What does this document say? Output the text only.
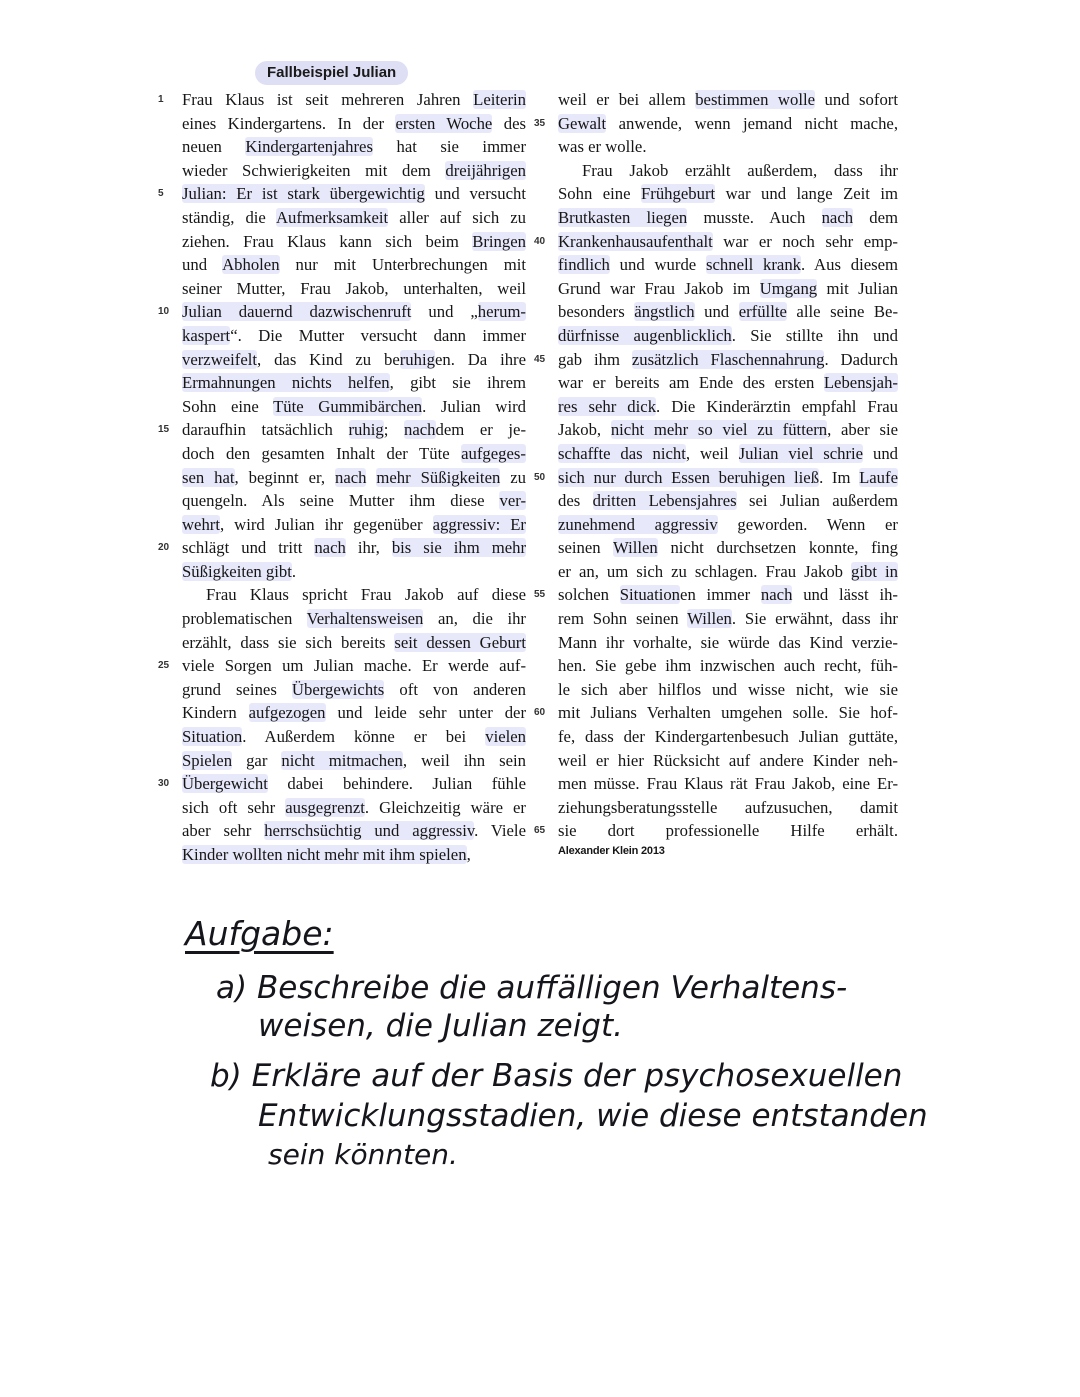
Fallbeispiel Julian
1	Frau Klaus ist seit mehreren Jahren Leiterin
eines Kindergartens. In der ersten Woche des
neuen Kindergartenjahres hat sie immer
wieder Schwierigkeiten mit dem dreijährigen
5	Julian: Er ist stark übergewichtig und versucht
ständig, die Aufmerksamkeit aller auf sich zu
ziehen. Frau Klaus kann sich beim Bringen
und Abholen nur mit Unterbrechungen mit
seiner Mutter, Frau Jakob, unterhalten, weil
10 Julian dauernd dazwischenruft und „herum-
kaspert“. Die Mutter versucht dann immer
verzweifelt, das Kind zu beruhigen. Da ihre
Ermahnungen nichts helfen, gibt sie ihrem
Sohn eine Tüte Gummibärchen. Julian wird
15 daraufhin tatsächlich ruhig; nachdem er je-
doch den gesamten Inhalt der Tüte aufgeges-
sen hat, beginnt er, nach mehr Süßigkeiten zu
quengeln. Als seine Mutter ihm diese ver-
wehrt, wird Julian ihr gegenüber aggressiv: Er
20 schlägt und tritt nach ihr, bis sie ihm mehr
Süßigkeiten gibt.
Frau Klaus spricht Frau Jakob auf diese
problematischen Verhaltensweisen an, die ihr
erzählt, dass sie sich bereits seit dessen Geburt
25 viele Sorgen um Julian mache. Er werde auf-
grund seines Übergewichts oft von anderen
Kindern aufgezogen und leide sehr unter der
Situation. Außerdem könne er bei vielen
Spielen gar nicht mitmachen, weil ihn sein
30 Übergewicht dabei behindere. Julian fühle
sich oft sehr ausgegrenzt. Gleichzeitig wäre er
aber sehr herrschsüchtig und aggressiv. Viele
Kinder wollten nicht mehr mit ihm spielen,
weil er bei allem bestimmen wolle und sofort
35 Gewalt anwende, wenn jemand nicht mache,
was er wolle.
Frau Jakob erzählt außerdem, dass ihr
Sohn eine Frühgeburt war und lange Zeit im
Brutkasten liegen musste. Auch nach dem
40 Krankenhausaufenthalt war er noch sehr emp-
findlich und wurde schnell krank. Aus diesem
Grund war Frau Jakob im Umgang mit Julian
besonders ängstlich und erfüllte alle seine Be-
dürfnisse augenblicklich. Sie stillte ihn und
45 gab ihm zusätzlich Flaschennahrung. Dadurch
war er bereits am Ende des ersten Lebensjah-
res sehr dick. Die Kinderärztin empfahl Frau
Jakob, nicht mehr so viel zu füttern, aber sie
schaffte das nicht, weil Julian viel schrie und
50 sich nur durch Essen beruhigen ließ. Im Laufe
des dritten Lebensjahres sei Julian außerdem
zunehmend aggressiv geworden. Wenn er
seinen Willen nicht durchsetzen konnte, fing
er an, um sich zu schlagen. Frau Jakob gibt in
55 solchen Situationen immer nach und lässt ih-
rem Sohn seinen Willen. Sie erwähnt, dass ihr
Mann ihr vorhalte, sie würde das Kind verzie-
hen. Sie gebe ihm inzwischen auch recht, füh-
le sich aber hilflos und wisse nicht, wie sie
60 mit Julians Verhalten umgehen solle. Sie hof-
fe, dass der Kindergartenbesuch Julian guttäte,
weil er hier Rücksicht auf andere Kinder neh-
men müsse. Frau Klaus rät Frau Jakob, eine Er-
ziehungsberatungsstelle aufzusuchen, damit
65 sie dort professionelle Hilfe erhält.
Alexander Klein 2013
Aufgabe:
a) Beschreibe die auffälligen Verhaltens-
weisen, die Julian zeigt.
b) Erkläre auf der Basis der psychosexuellen
Entwicklungsstadien, wie diese entstanden
sein könnten.
